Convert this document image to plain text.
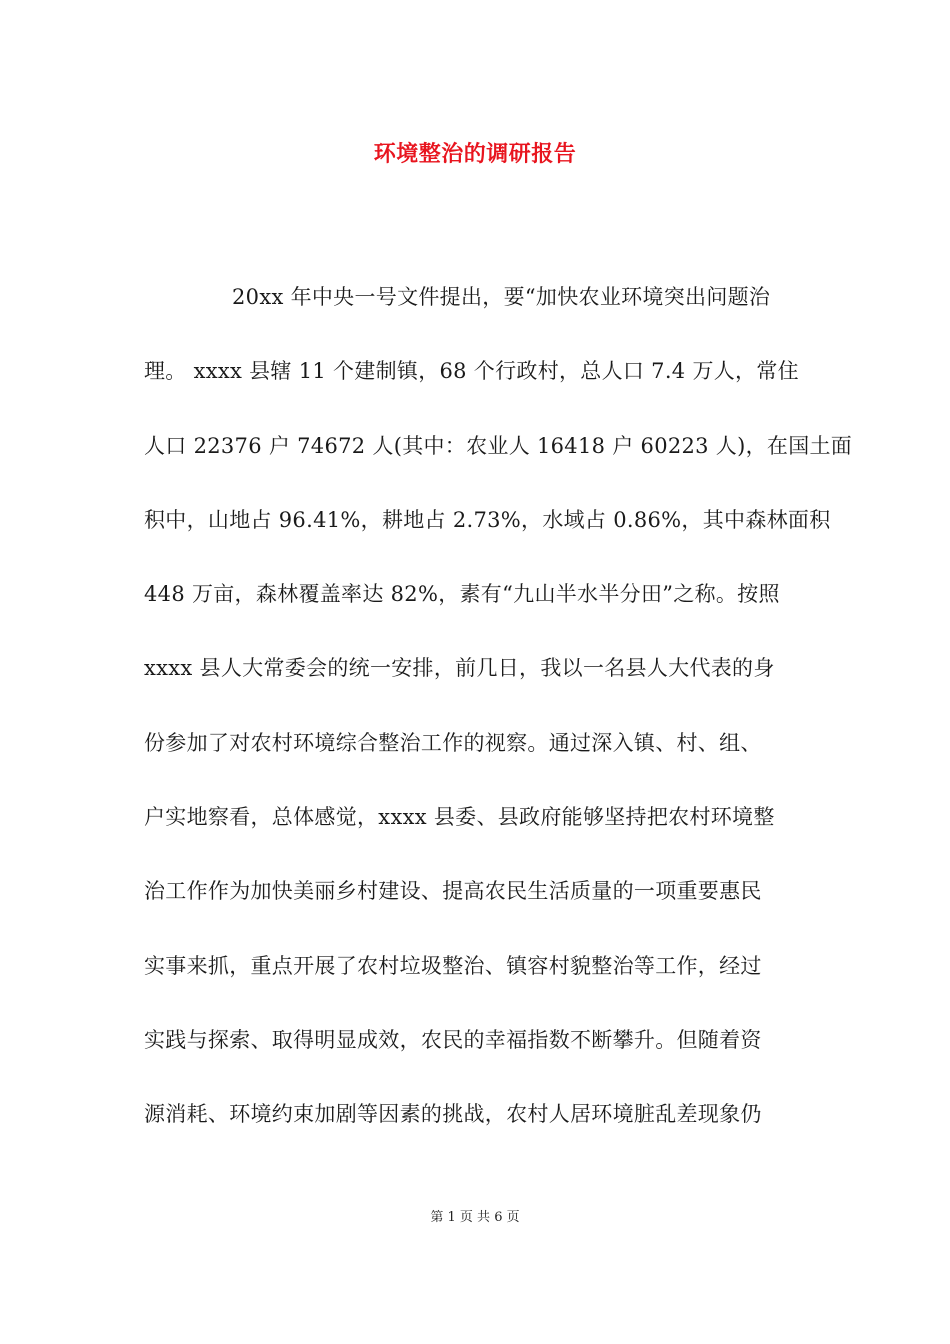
环境整治的调研报告
20xx 年中央一号文件提出，要“加快农业环境突出问题治
理。 xxxx 县辖 11 个建制镇，68 个行政村，总人口 7.4 万人，常住
人口 22376 户 74672 人(其中：农业人 16418 户 60223 人)，在国土面
积中，山地占 96.41%，耕地占 2.73%，水域占 0.86%，其中森林面积
448 万亩，森林覆盖率达 82%，素有“九山半水半分田”之称。按照
xxxx 县人大常委会的统一安排，前几日，我以一名县人大代表的身
份参加了对农村环境综合整治工作的视察。通过深入镇、村、组、
户实地察看，总体感觉，xxxx 县委、县政府能够坚持把农村环境整
治工作作为加快美丽乡村建设、提高农民生活质量的一项重要惠民
实事来抓，重点开展了农村垃圾整治、镇容村貌整治等工作，经过
实践与探索、取得明显成效，农民的幸福指数不断攀升。但随着资
源消耗、环境约束加剧等因素的挑战，农村人居环境脏乱差现象仍
第 1 页 共 6 页
